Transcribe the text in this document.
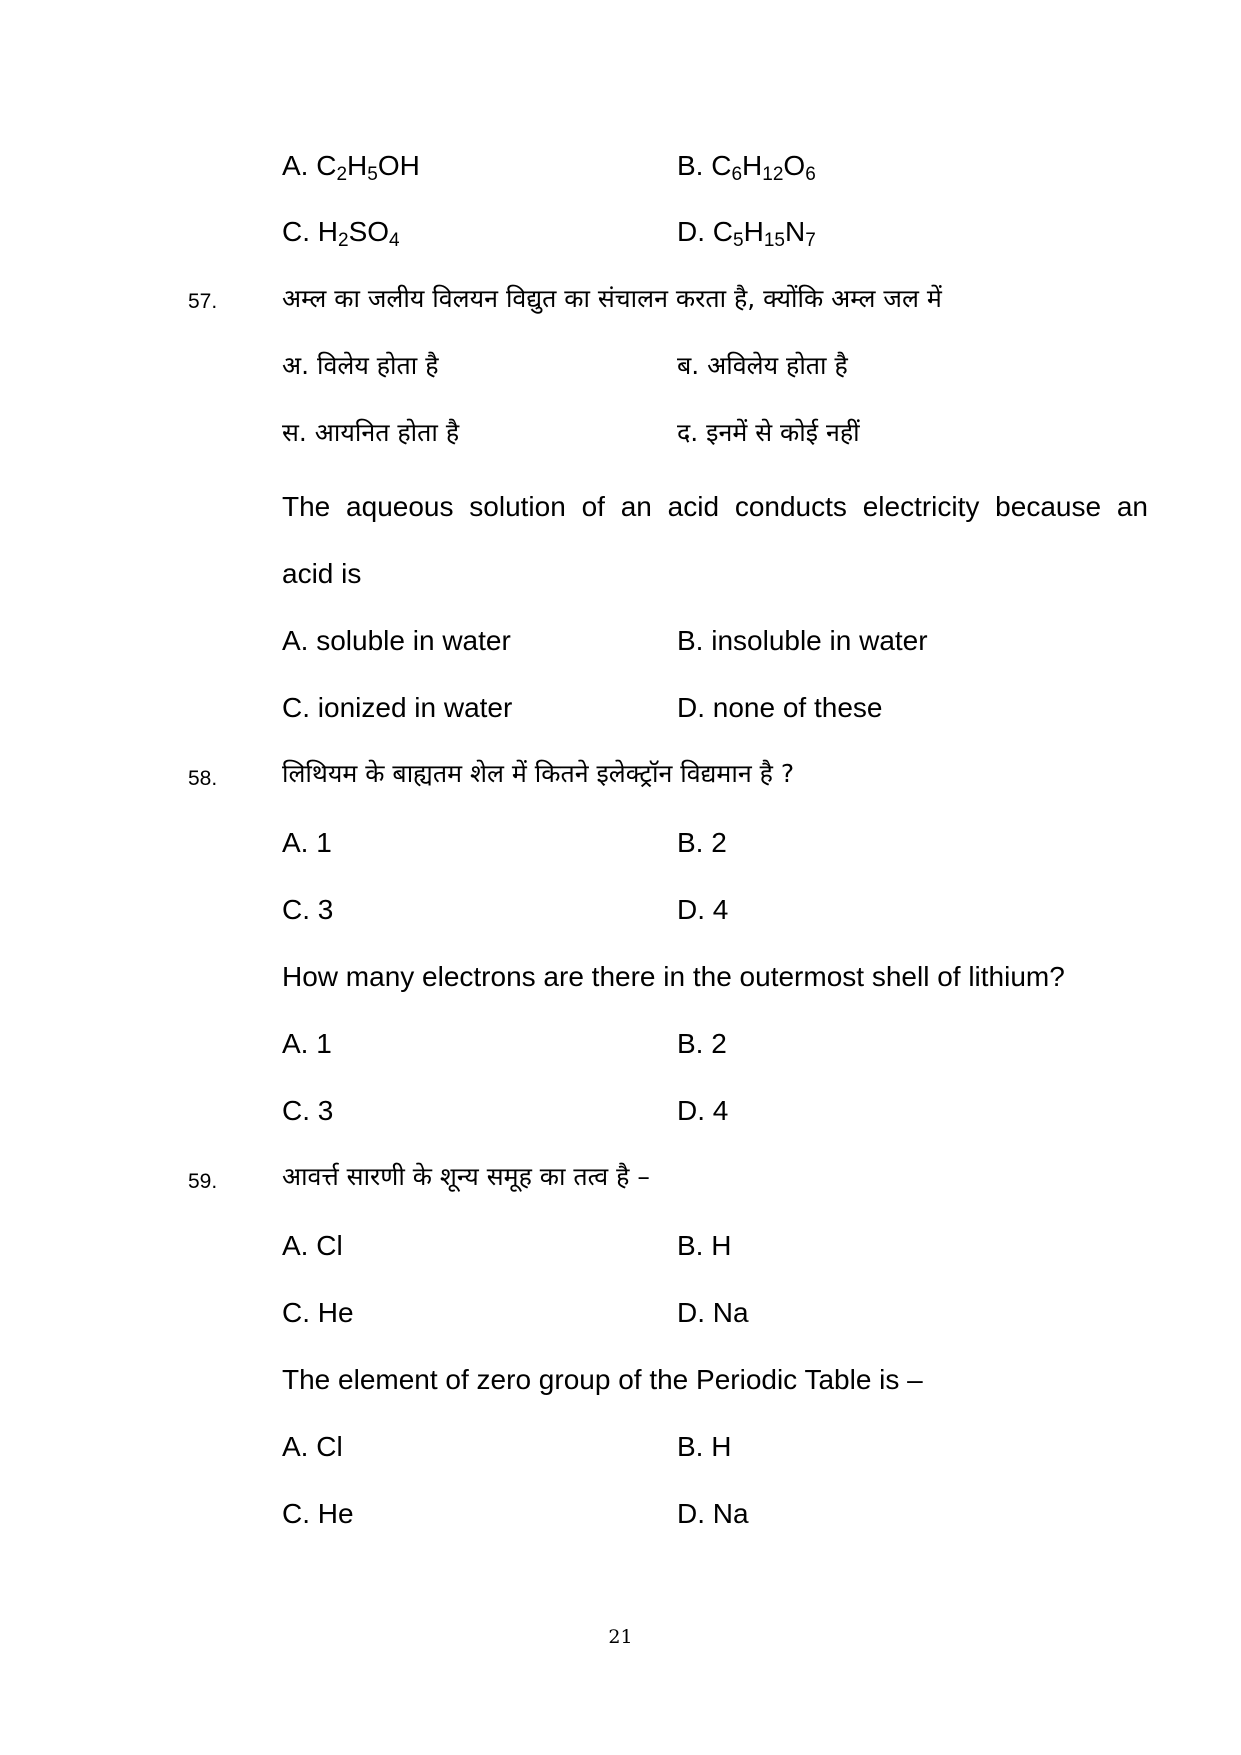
A. $C_2H_5OH$	B. $C_6H_{12}O_6$
C. $H_2SO_4$	D. $C_5H_{15}N_7$
57.	अम्ल का जलीय विलयन विद्युत का संचालन करता है, क्योंकि अम्ल जल में
अ. विलेय होता है	ब. अविलेय होता है
स. आयनित होता है	द. इनमें से कोई नहीं
The aqueous solution of an acid conducts electricity because an
acid is
A. soluble in water	B. insoluble in water
C. ionized in water	D. none of these
58.	लिथियम के बाह्यतम शेल में कितने इलेक्ट्रॉन विद्यमान है ?
A. 1	B. 2
C. 3	D. 4
How many electrons are there in the outermost shell of lithium?
A. 1	B. 2
C. 3	D. 4
59.	आवर्त्त सारणी के शून्य समूह का तत्व है –
A. Cl	B. H
C. He	D. Na
The element of zero group of the Periodic Table is –
A. Cl	B. H
C. He	D. Na
21
